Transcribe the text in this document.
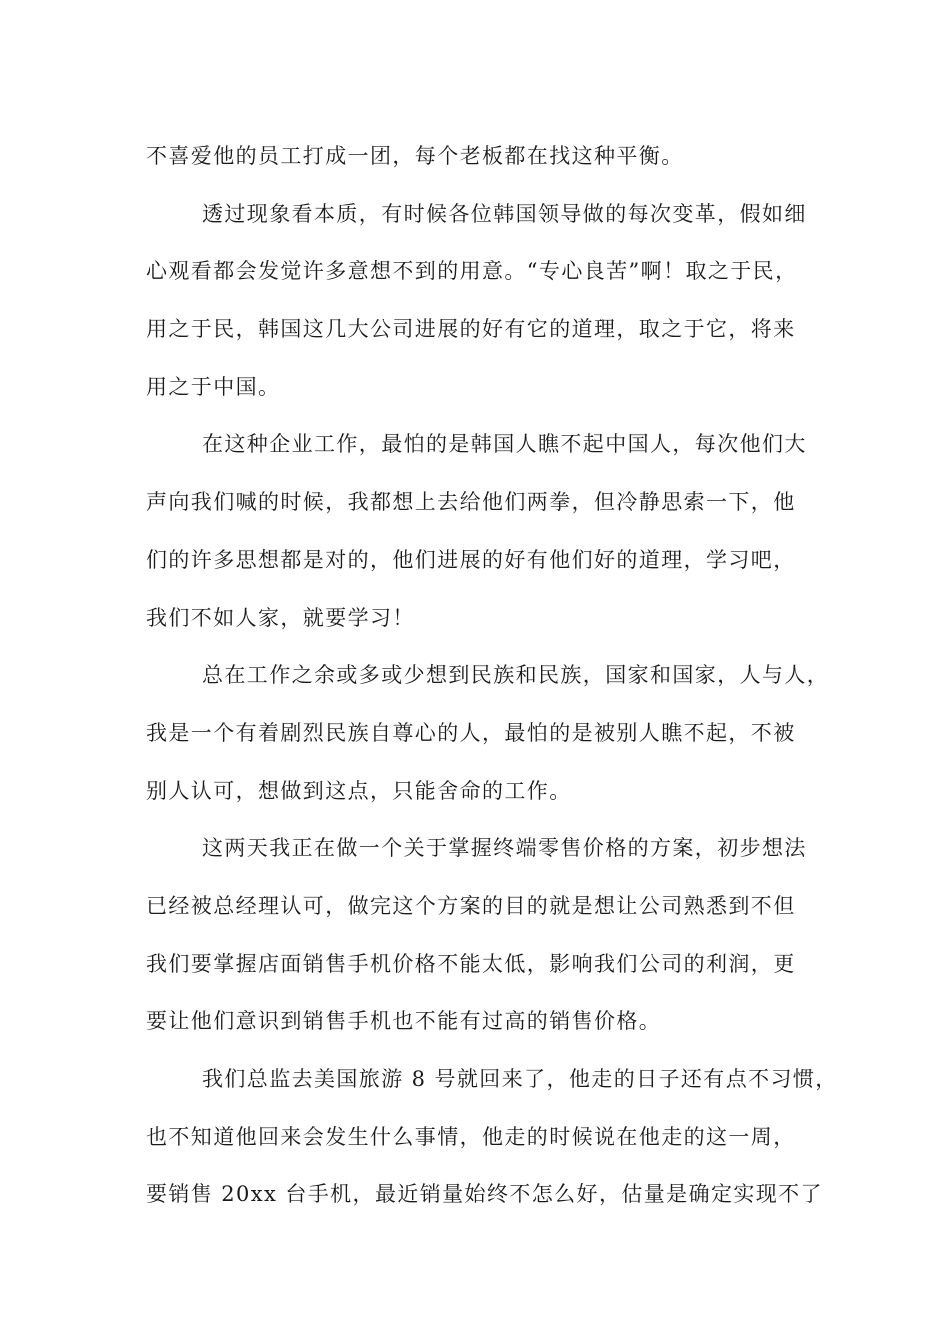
不喜爱他的员工打成一团，每个老板都在找这种平衡。
透过现象看本质，有时候各位韩国领导做的每次变革，假如细
心观看都会发觉许多意想不到的用意。“专心良苦”啊！取之于民，
用之于民，韩国这几大公司进展的好有它的道理，取之于它，将来
用之于中国。
在这种企业工作，最怕的是韩国人瞧不起中国人，每次他们大
声向我们喊的时候，我都想上去给他们两拳，但冷静思索一下，他
们的许多思想都是对的，他们进展的好有他们好的道理，学习吧，
我们不如人家，就要学习！
总在工作之余或多或少想到民族和民族，国家和国家，人与人，
我是一个有着剧烈民族自尊心的人，最怕的是被别人瞧不起，不被
别人认可，想做到这点，只能舍命的工作。
这两天我正在做一个关于掌握终端零售价格的方案，初步想法
已经被总经理认可，做完这个方案的目的就是想让公司熟悉到不但
我们要掌握店面销售手机价格不能太低，影响我们公司的利润，更
要让他们意识到销售手机也不能有过高的销售价格。
我们总监去美国旅游 8 号就回来了，他走的日子还有点不习惯，
也不知道他回来会发生什么事情，他走的时候说在他走的这一周，
要销售 20xx 台手机，最近销量始终不怎么好，估量是确定实现不了
